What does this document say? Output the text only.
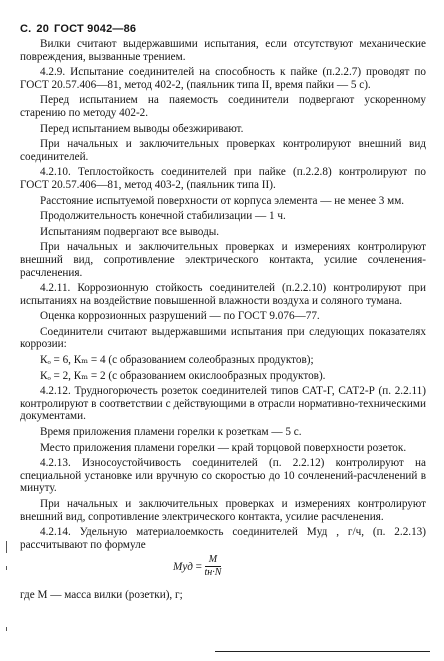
С. 20 ГОСТ 9042—86

Вилки считают выдержавшими испытания, если отсутствуют механические повреждения, вызванные трением.

4.2.9. Испытание соединителей на способность к пайке (п.2.2.7) проводят по ГОСТ 20.57.406—81, метод 402-2, (паяльник типа II, время пайки — 5 с).

Перед испытанием на паяемость соединители подвергают ускоренному старению по методу 402-2.

Перед испытанием выводы обезжиривают.

При начальных и заключительных проверках контролируют внешний вид соединителей.

4.2.10. Теплостойкость соединителей при пайке (п.2.2.8) контролируют по ГОСТ 20.57.406—81, метод 403-2, (паяльник типа II).

Расстояние испытуемой поверхности от корпуса элемента — не менее 3 мм.

Продолжительность конечной стабилизации — 1 ч.

Испытаниям подвергают все выводы.

При начальных и заключительных проверках и измерениях контролируют внешний вид, сопротивление электрического контакта, усилие сочленения-расчленения.

4.2.11. Коррозионную стойкость соединителей (п.2.2.10) контролируют при испытаниях на воздействие повышенной влажности воздуха и соляного тумана.

Оценка коррозионных разрушений — по ГОСТ 9.076—77.

Соединители считают выдержавшими испытания при следующих показателях коррозии:

Кₒ = 6, Кₘ = 4 (с образованием солеобразных продуктов);

Кₒ = 2, Кₘ = 2 (с образованием окислообразных продуктов).

4.2.12. Трудногорючесть розеток соединителей типов САТ-Г, САТ2-Р (п. 2.2.11) контролируют в соответствии с действующими в отрасли нормативно-техническими документами.

Время приложения пламени горелки к розеткам — 5 с.

Место приложения пламени горелки — край торцовой поверхности розеток.

4.2.13. Износоустойчивость соединителей (п. 2.2.12) контролируют на специальной установке или вручную со скоростью до 10 сочленений-расчленений в минуту.

При начальных и заключительных проверках и измерениях контролируют внешний вид, сопротивление электрического контакта, усилие расчленения.

4.2.14. Удельную материалоемкость соединителей Mуд , г/ч, (п. 2.2.13) рассчитывают по формуле

Mуд = $\frac{M}{tн\cdot N}$

где M — масса вилки (розетки), г;
